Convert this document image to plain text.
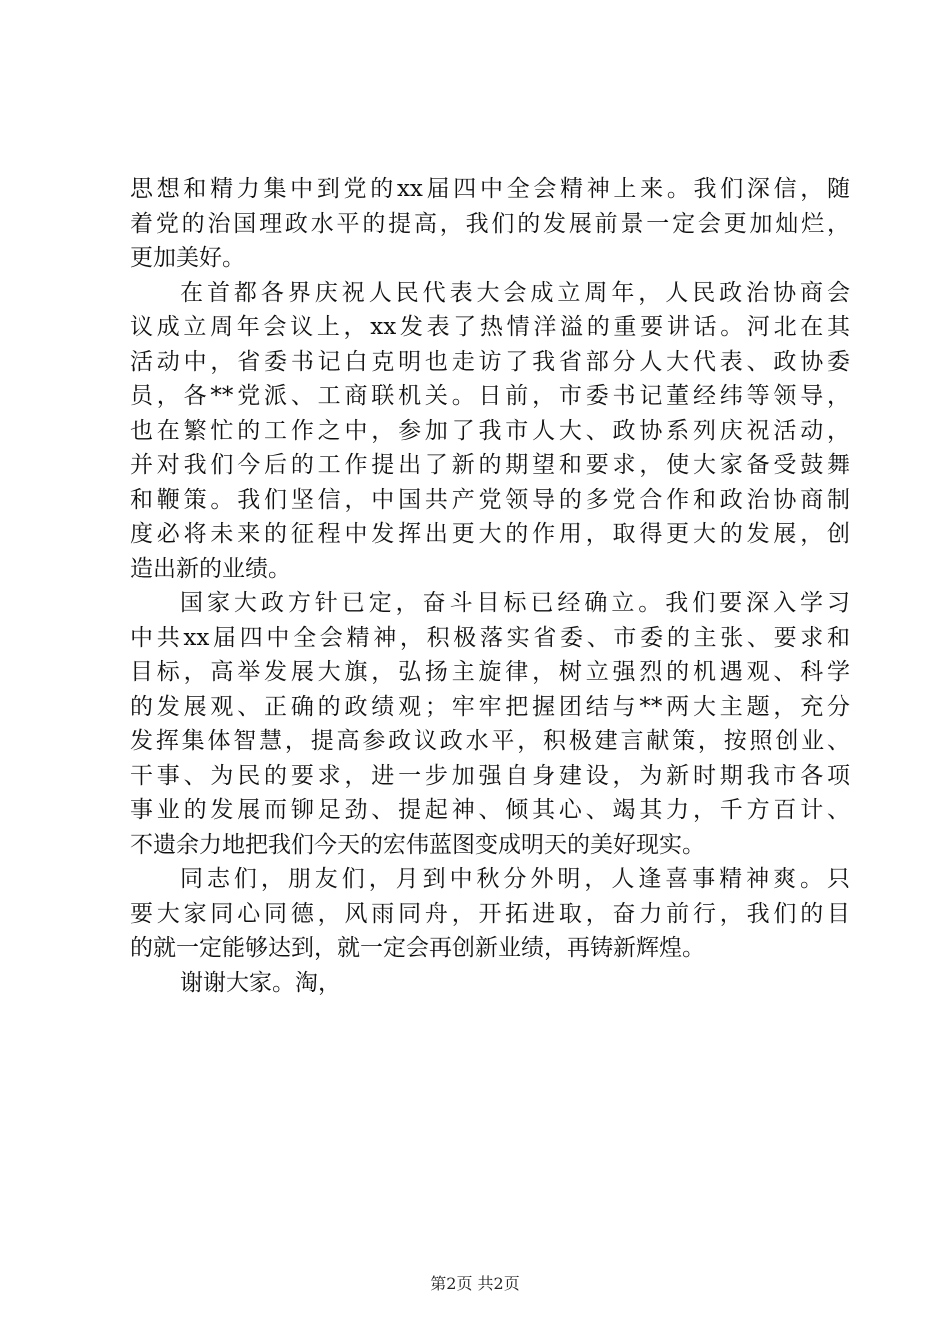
思想和精力集中到党的xx届四中全会精神上来。我们深信，随
着党的治国理政水平的提高，我们的发展前景一定会更加灿烂，
更加美好。
在首都各界庆祝人民代表大会成立周年，人民政治协商会
议成立周年会议上，xx发表了热情洋溢的重要讲话。河北在其
活动中，省委书记白克明也走访了我省部分人大代表、政协委
员，各**党派、工商联机关。日前，市委书记董经纬等领导，
也在繁忙的工作之中，参加了我市人大、政协系列庆祝活动，
并对我们今后的工作提出了新的期望和要求，使大家备受鼓舞
和鞭策。我们坚信，中国共产党领导的多党合作和政治协商制
度必将未来的征程中发挥出更大的作用，取得更大的发展，创
造出新的业绩。
国家大政方针已定，奋斗目标已经确立。我们要深入学习
中共xx届四中全会精神，积极落实省委、市委的主张、要求和
目标，高举发展大旗，弘扬主旋律，树立强烈的机遇观、科学
的发展观、正确的政绩观；牢牢把握团结与**两大主题，充分
发挥集体智慧，提高参政议政水平，积极建言献策，按照创业、
干事、为民的要求，进一步加强自身建设，为新时期我市各项
事业的发展而铆足劲、提起神、倾其心、竭其力，千方百计、
不遗余力地把我们今天的宏伟蓝图变成明天的美好现实。
同志们，朋友们，月到中秋分外明，人逢喜事精神爽。只
要大家同心同德，风雨同舟，开拓进取，奋力前行，我们的目
的就一定能够达到，就一定会再创新业绩，再铸新辉煌。
谢谢大家。淘，
第2页 共2页
